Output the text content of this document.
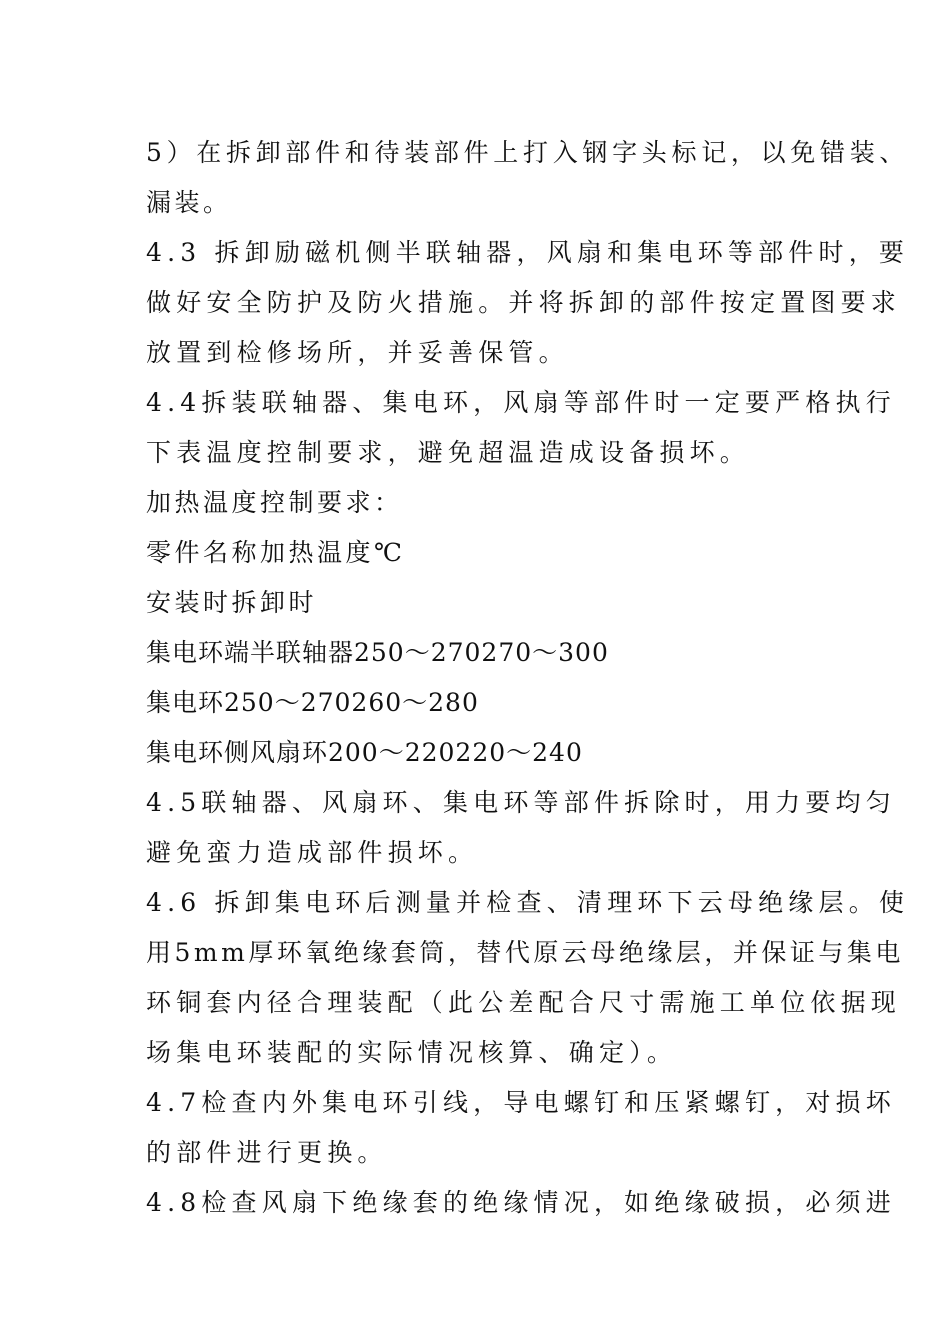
5）在拆卸部件和待装部件上打入钢字头标记，以免错装、
漏装。
4.3 拆卸励磁机侧半联轴器，风扇和集电环等部件时，要
做好安全防护及防火措施。并将拆卸的部件按定置图要求
放置到检修场所，并妥善保管。
4.4拆装联轴器、集电环，风扇等部件时一定要严格执行
下表温度控制要求，避免超温造成设备损坏。
加热温度控制要求：
零件名称加热温度℃
安装时拆卸时
集电环端半联轴器250～270270～300
集电环250～270260～280
集电环侧风扇环200～220220～240
4.5联轴器、风扇环、集电环等部件拆除时，用力要均匀
避免蛮力造成部件损坏。
4.6 拆卸集电环后测量并检查、清理环下云母绝缘层。使
用5mm厚环氧绝缘套筒，替代原云母绝缘层，并保证与集电
环铜套内径合理装配（此公差配合尺寸需施工单位依据现
场集电环装配的实际情况核算、确定）。
4.7检查内外集电环引线，导电螺钉和压紧螺钉，对损坏
的部件进行更换。
4.8检查风扇下绝缘套的绝缘情况，如绝缘破损，必须进
